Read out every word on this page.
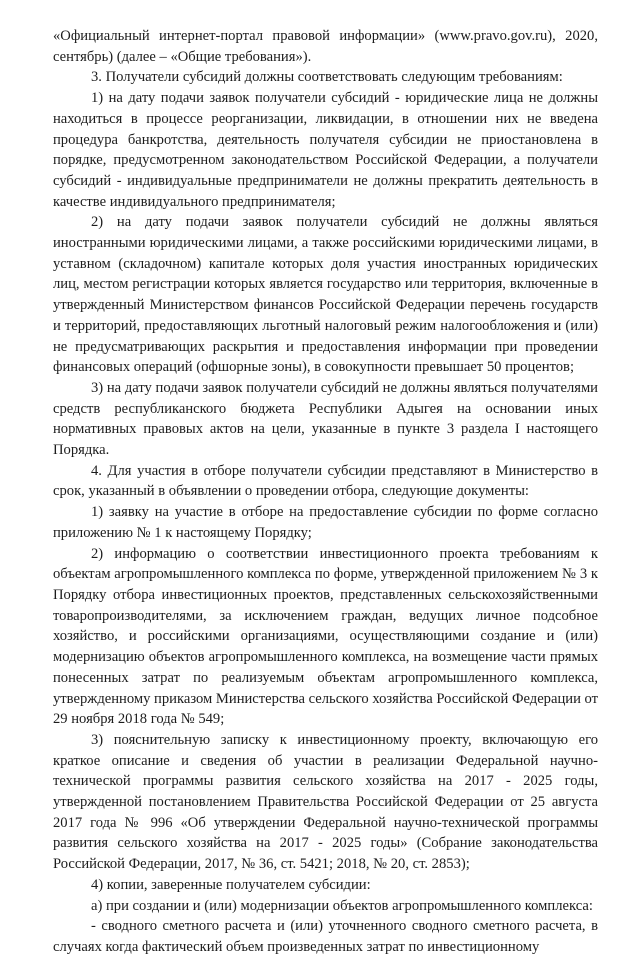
«Официальный интернет-портал правовой информации» (www.pravo.gov.ru), 2020, сентябрь) (далее – «Общие требования»).

3. Получатели субсидий должны соответствовать следующим требованиям:

1) на дату подачи заявок получатели субсидий - юридические лица не должны находиться в процессе реорганизации, ликвидации, в отношении них не введена процедура банкротства, деятельность получателя субсидии не приостановлена в порядке, предусмотренном законодательством Российской Федерации, а получатели субсидий - индивидуальные предприниматели не должны прекратить деятельность в качестве индивидуального предпринимателя;

2) на дату подачи заявок получатели субсидий не должны являться иностранными юридическими лицами, а также российскими юридическими лицами, в уставном (складочном) капитале которых доля участия иностранных юридических лиц, местом регистрации которых является государство или территория, включенные в утвержденный Министерством финансов Российской Федерации перечень государств и территорий, предоставляющих льготный налоговый режим налогообложения и (или) не предусматривающих раскрытия и предоставления информации при проведении финансовых операций (офшорные зоны), в совокупности превышает 50 процентов;

3) на дату подачи заявок получатели субсидий не должны являться получателями средств республиканского бюджета Республики Адыгея на основании иных нормативных правовых актов на цели, указанные в пункте 3 раздела I настоящего Порядка.

4. Для участия в отборе получатели субсидии представляют в Министерство в срок, указанный в объявлении о проведении отбора, следующие документы:

1) заявку на участие в отборе на предоставление субсидии по форме согласно приложению № 1 к настоящему Порядку;

2) информацию о соответствии инвестиционного проекта требованиям к объектам агропромышленного комплекса по форме, утвержденной приложением № 3 к Порядку отбора инвестиционных проектов, представленных сельскохозяйственными товаропроизводителями, за исключением граждан, ведущих личное подсобное хозяйство, и российскими организациями, осуществляющими создание и (или) модернизацию объектов агропромышленного комплекса, на возмещение части прямых понесенных затрат по реализуемым объектам агропромышленного комплекса, утвержденному приказом Министерства сельского хозяйства Российской Федерации от 29 ноября 2018 года № 549;

3) пояснительную записку к инвестиционному проекту, включающую его краткое описание и сведения об участии в реализации Федеральной научно-технической программы развития сельского хозяйства на 2017 - 2025 годы, утвержденной постановлением Правительства Российской Федерации от 25 августа 2017 года № 996 «Об утверждении Федеральной научно-технической программы развития сельского хозяйства на 2017 - 2025 годы» (Собрание законодательства Российской Федерации, 2017, № 36, ст. 5421; 2018, № 20, ст. 2853);

4) копии, заверенные получателем субсидии:

а) при создании и (или) модернизации объектов агропромышленного комплекса:

- сводного сметного расчета и (или) уточненного сводного сметного расчета, в случаях когда фактический объем произведенных затрат по инвестиционному
